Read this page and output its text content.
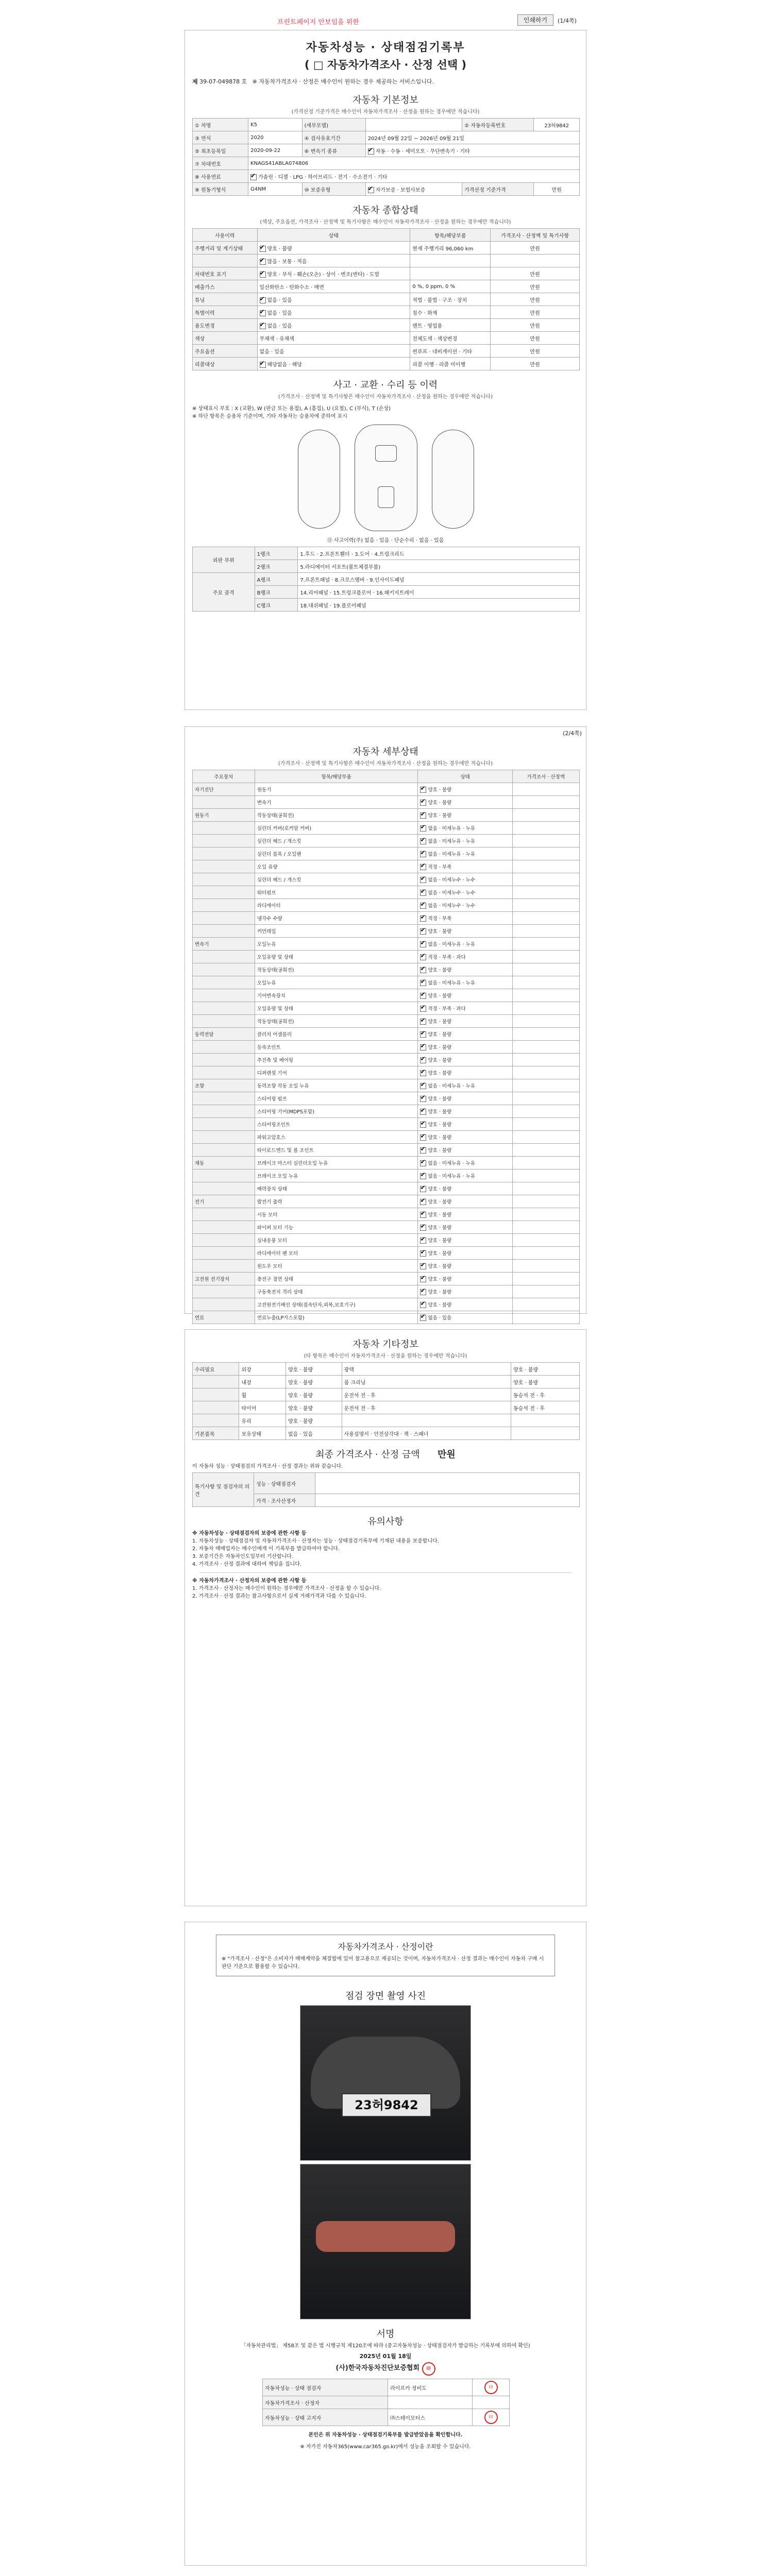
프린트페이지 안보임을 위한	인쇄하기	(1/4쪽)
자동차성능 · 상태점검기록부
( □ 자동차가격조사 · 산정 선택 )
제 39-07-049878 호 ※ 자동차가격조사 · 산정은 매수인이 원하는 경우 제공하는 서비스입니다.
자동차 기본정보
(가격산정 기준가격은 매수인이 자동차가격조사 · 산정을 원하는 경우에만 적습니다)
① 차명	K5	(세부모델)		② 자동차등록번호	23허9842
③ 연식	2020	④ 검사유효기간	2024년 09월 22일 ~ 2026년 09월 21일		
⑤ 최초등록일	2020-09-22	⑥ 변속기 종류	✔자동 · 수동 · 세미오토 · 무단변속기 · 기타
⑦ 차대번호	KNAGS41ABLA074806				
⑧ 사용연료	✔가솔린 · 디젤 · LPG · 하이브리드 · 전기 · 수소전기 · 기타
⑨ 원동기형식	G4NM	⑩ 보증유형	✔자가보증 · 보험사보증	가격산정 기준가격	만원
자동차 종합상태
(색상, 주요옵션, 가격조사 · 산정액 및 특기사항은 매수인이 자동차가격조사 · 산정을 원하는 경우에만 적습니다)
사용이력	상태	항목/해당부품	가격조사 · 산정액 및 특기사항
주행거리 및 계기상태	✔양호 · 불량	현재 주행거리 96,060 km	만원
	✔많음 · 보통 · 적음		
차대번호 표기	✔양호 · 부식 · 훼손(오손) · 상이 · 변조(변타) · 도말		만원
배출가스	일산화탄소 · 탄화수소 · 매연	0 %, 0 ppm, 0 %	만원
튜닝	✔없음 · 있음	적법 · 불법 · 구조 · 장치	만원
특별이력	✔없음 · 있음	침수 · 화재	만원
용도변경	✔없음 · 있음	렌트 · 영업용	만원
색상	무채색 · 유채색	전체도색 · 색상변경	만원
주요옵션	없음 · 있음	썬루프 · 네비게이션 · 기타	만원
리콜대상	✔해당없음 · 해당	리콜 이행 · 리콜 미이행	만원
사고 · 교환 · 수리 등 이력
(가격조사 · 산정액 및 특기사항은 매수인이 자동차가격조사 · 산정을 원하는 경우에만 적습니다)
※ 상태표시 부호 : X (교환), W (판금 또는 용접), A (흠집), U (요철), C (부식), T (손상)
※ 하단 항목은 승용차 기준이며, 기타 자동차는 승용차에 준하여 표시
⑪ 사고이력(주) 없음 · 있음 · 단순수리 · 없음 · 있음
외판 부위	1랭크	1.후드 · 2.프론트휀더 · 3.도어 · 4.트렁크리드
	2랭크	5.라디에이터 서포트(볼트체결부품)
주요 골격	A랭크	7.프론트패널 · 8.크로스멤버 · 9.인사이드패널
	B랭크	14.리어패널 · 15.트렁크플로어 · 16.패키지트레이
	C랭크	18.대쉬패널 · 19.플로어패널
(2/4쪽)
자동차 세부상태
(가격조사 · 산정액 및 특기사항은 매수인이 자동차가격조사 · 산정을 원하는 경우에만 적습니다)
주요장치	항목/해당부품	상태	가격조사 · 산정액
자기진단	원동기	✔양호 · 불량	
	변속기	✔양호 · 불량	
원동기	작동상태(공회전)	✔양호 · 불량	
	실린더 커버(로커암 커버)	✔없음 · 미세누유 · 누유	
	실린더 헤드 / 개스킷	✔없음 · 미세누유 · 누유	
	실린더 블록 / 오일팬	✔없음 · 미세누유 · 누유	
	오일 유량	✔적정 · 부족	
	실린더 헤드 / 개스킷	✔없음 · 미세누수 · 누수	
	워터펌프	✔없음 · 미세누수 · 누수	
	라디에이터	✔없음 · 미세누수 · 누수	
	냉각수 수량	✔적정 · 부족	
	커먼레일	✔양호 · 불량	
변속기	오일누유	✔없음 · 미세누유 · 누유	
	오일유량 및 상태	✔적정 · 부족 · 과다	
	작동상태(공회전)	✔양호 · 불량	
	오일누유	✔없음 · 미세누유 · 누유	
	기어변속장치	✔양호 · 불량	
	오일유량 및 상태	✔적정 · 부족 · 과다	
	작동상태(공회전)	✔양호 · 불량	
동력전달	클러치 어셈블리	✔양호 · 불량	
	등속조인트	✔양호 · 불량	
	추진축 및 베어링	✔양호 · 불량	
	디퍼렌셜 기어	✔양호 · 불량	
조향	동력조향 작동 오일 누유	✔없음 · 미세누유 · 누유	
	스티어링 펌프	✔양호 · 불량	
	스티어링 기어(MDPS포함)	✔양호 · 불량	
	스티어링조인트	✔양호 · 불량	
	파워고압호스	✔양호 · 불량	
	타이로드엔드 및 볼 조인트	✔양호 · 불량	
제동	브레이크 마스터 실린더오일 누유	✔없음 · 미세누유 · 누유	
	브레이크 오일 누유	✔없음 · 미세누유 · 누유	
	배력장치 상태	✔양호 · 불량	
전기	발전기 출력	✔양호 · 불량	
	시동 모터	✔양호 · 불량	
	와이퍼 모터 기능	✔양호 · 불량	
	실내송풍 모터	✔양호 · 불량	
	라디에이터 팬 모터	✔양호 · 불량	
	윈도우 모터	✔양호 · 불량	
고전원 전기장치	충전구 절연 상태	✔양호 · 불량	
	구동축전지 격리 상태	✔양호 · 불량	
	고전원전기배선 상태(접속단자,피복,보호기구)	✔양호 · 불량	
연료	연료누출(LP가스포함)	✔없음 · 있음	
자동차 기타정보
(타 항목은 매수인이 자동차가격조사 · 산정을 원하는 경우에만 적습니다)
수리필요	외장	양호 · 불량	광택	양호 · 불량
	내장	양호 · 불량	룸 크리닝	양호 · 불량
	휠	양호 · 불량	운전석 전 · 후	동승석 전 · 후
	타이어	양호 · 불량	운전석 전 · 후	동승석 전 · 후
	유리	양호 · 불량		
기본품목	보유상태	없음 · 있음	사용설명서 · 안전삼각대 · 잭 · 스패너	
최종 가격조사 · 산정 금액 만원
이 자동차 성능 · 상태점검의 가격조사 · 산정 결과는 위와 같습니다.
특기사항 및 점검자의 의견	성능 · 상태점검자	
	가격 · 조사산정자	
유의사항
※ 자동차성능 · 상태점검자의 보증에 관한 사항 등
1. 자동차성능 · 상태점검자 및 자동차가격조사 · 산정자는 성능 · 상태점검기록부에 기재된 내용을 보증합니다.
2. 자동차 매매업자는 매수인에게 이 기록부를 발급하여야 합니다.
3. 보증기간은 자동차인도일부터 기산합니다.
4. 가격조사 · 산정 결과에 대하여 책임을 집니다.
※ 자동차가격조사 · 산정자의 보증에 관한 사항 등
1. 가격조사 · 산정자는 매수인이 원하는 경우에만 가격조사 · 산정을 할 수 있습니다.
2. 가격조사 · 산정 결과는 참고사항으로서 실제 거래가격과 다를 수 있습니다.
자동차가격조사 · 산정이란
※ "가격조사 · 산정"은 소비자가 매매계약을 체결함에 있어 참고용으로 제공되는 것이며, 자동차가격조사 · 산정 결과는 매수인이 자동차 구매 시 판단 기준으로 활용할 수 있습니다.
점검 장면 촬영 사진
23허9842
서명
「자동차관리법」 제58조 및 같은 법 시행규칙 제120조에 따라 (중고자동차성능 · 상태점검자가 발급하는 기록부에 의하여 확인)
2025년 01월 18일
(사)한국자동차진단보증협회 印
자동차성능 · 상태 점검자	라이프카 정비도	印
자동차가격조사 · 산정자		
자동차성능 · 상태 고지자	㈜스테이모터스	印
본인은 위 자동차성능 · 상태점검기록부를 발급받았음을 확인합니다.
※ 자가진 자동차365(www.car365.go.kr)에서 성능을 조회할 수 있습니다.
